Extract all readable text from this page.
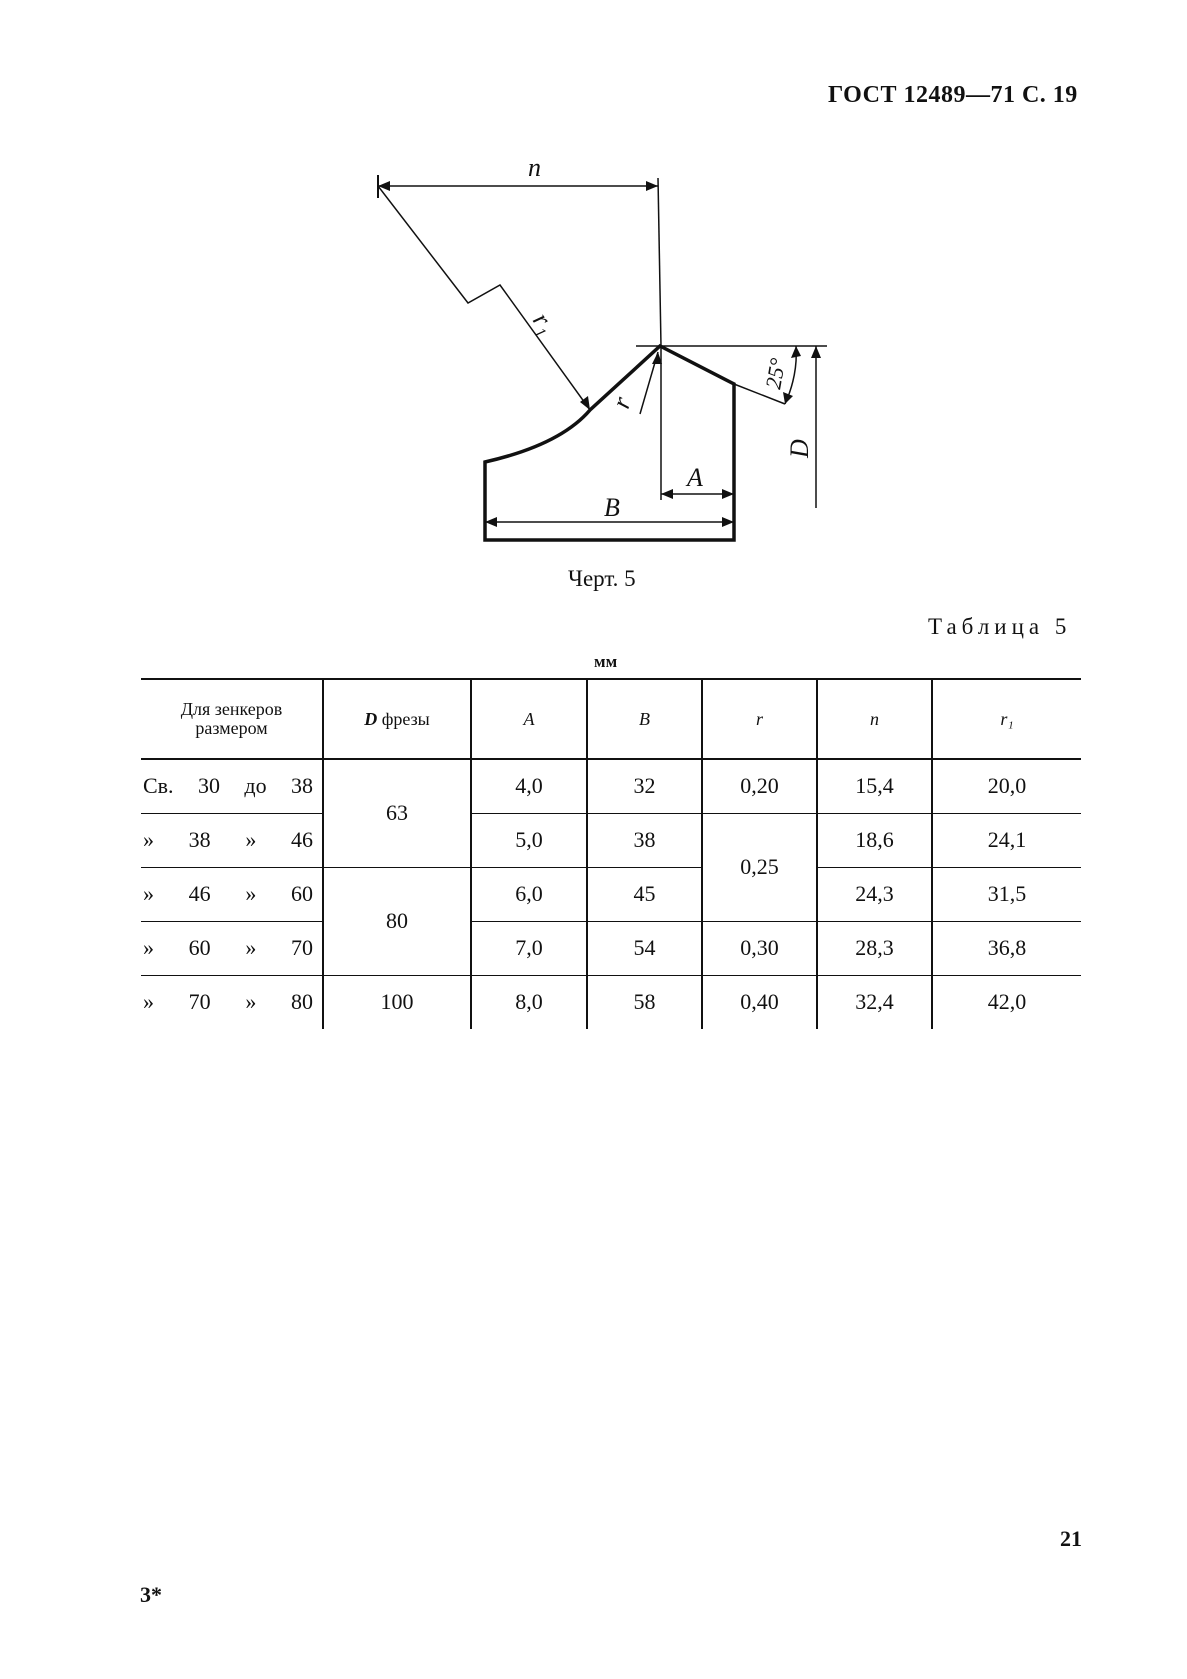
ГОСТ 12489—71 С. 19
n
r₁
r
25°
D
A
B
Черт. 5
Таблица 5
мм
Для зенкеров
размером	D фрезы	A	B	r	n	r₁

Св. 30 до 38	63	4,0	32	0,20	15,4	20,0

» 38 » 46		5,0	38	0,25	18,6	24,1

» 46 » 60	80	6,0	45		24,3	31,5

» 60 » 70		7,0	54	0,30	28,3	36,8

» 70 » 80	100	8,0	58	0,40	32,4	42,0
21
3*
